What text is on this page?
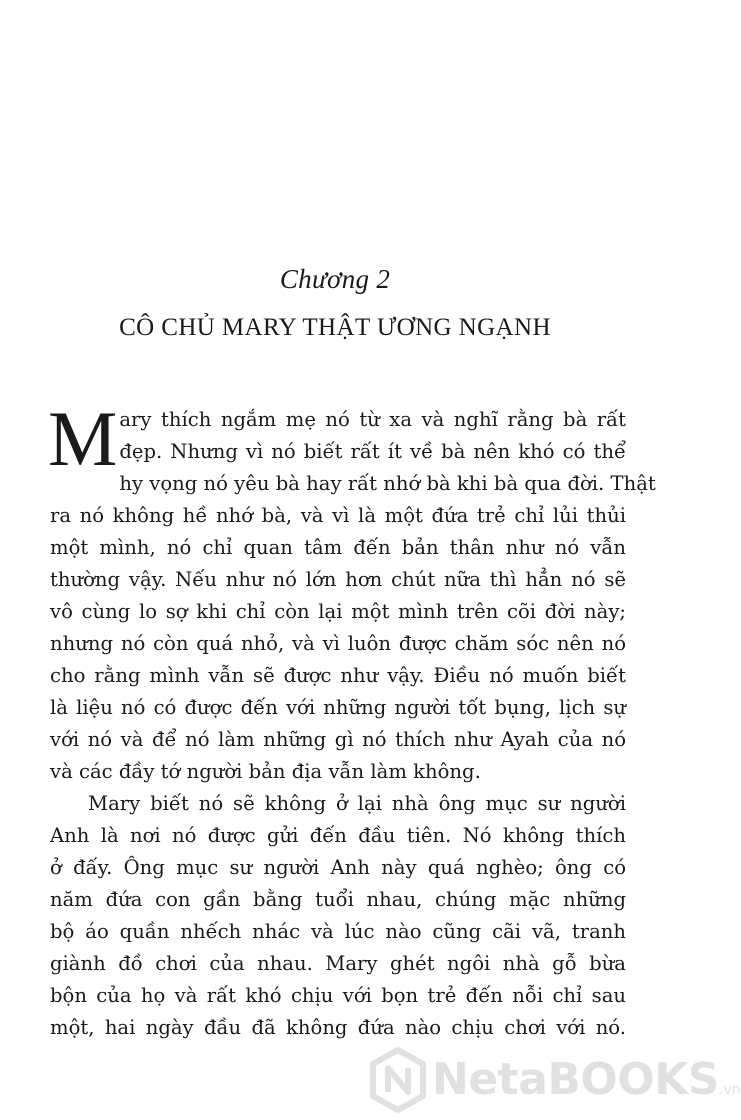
Chương 2
CÔ CHỦ MARY THẬT ƯƠNG NGẠNH
M ary thích ngắm mẹ nó từ xa và nghĩ rằng bà rất
đẹp. Nhưng vì nó biết rất ít về bà nên khó có thể
hy vọng nó yêu bà hay rất nhớ bà khi bà qua đời. Thật
ra nó không hề nhớ bà, và vì là một đứa trẻ chỉ lủi thủi
một mình, nó chỉ quan tâm đến bản thân như nó vẫn
thường vậy. Nếu như nó lớn hơn chút nữa thì hẳn nó sẽ
vô cùng lo sợ khi chỉ còn lại một mình trên cõi đời này;
nhưng nó còn quá nhỏ, và vì luôn được chăm sóc nên nó
cho rằng mình vẫn sẽ được như vậy. Điều nó muốn biết
là liệu nó có được đến với những người tốt bụng, lịch sự
với nó và để nó làm những gì nó thích như Ayah của nó
và các đầy tớ người bản địa vẫn làm không.
Mary biết nó sẽ không ở lại nhà ông mục sư người
Anh là nơi nó được gửi đến đầu tiên. Nó không thích
ở đấy. Ông mục sư người Anh này quá nghèo; ông có
năm đứa con gần bằng tuổi nhau, chúng mặc những
bộ áo quần nhếch nhác và lúc nào cũng cãi vã, tranh
giành đồ chơi của nhau. Mary ghét ngôi nhà gỗ bừa
bộn của họ và rất khó chịu với bọn trẻ đến nỗi chỉ sau
một, hai ngày đầu đã không đứa nào chịu chơi với nó.
NetaBOOKS.vn
